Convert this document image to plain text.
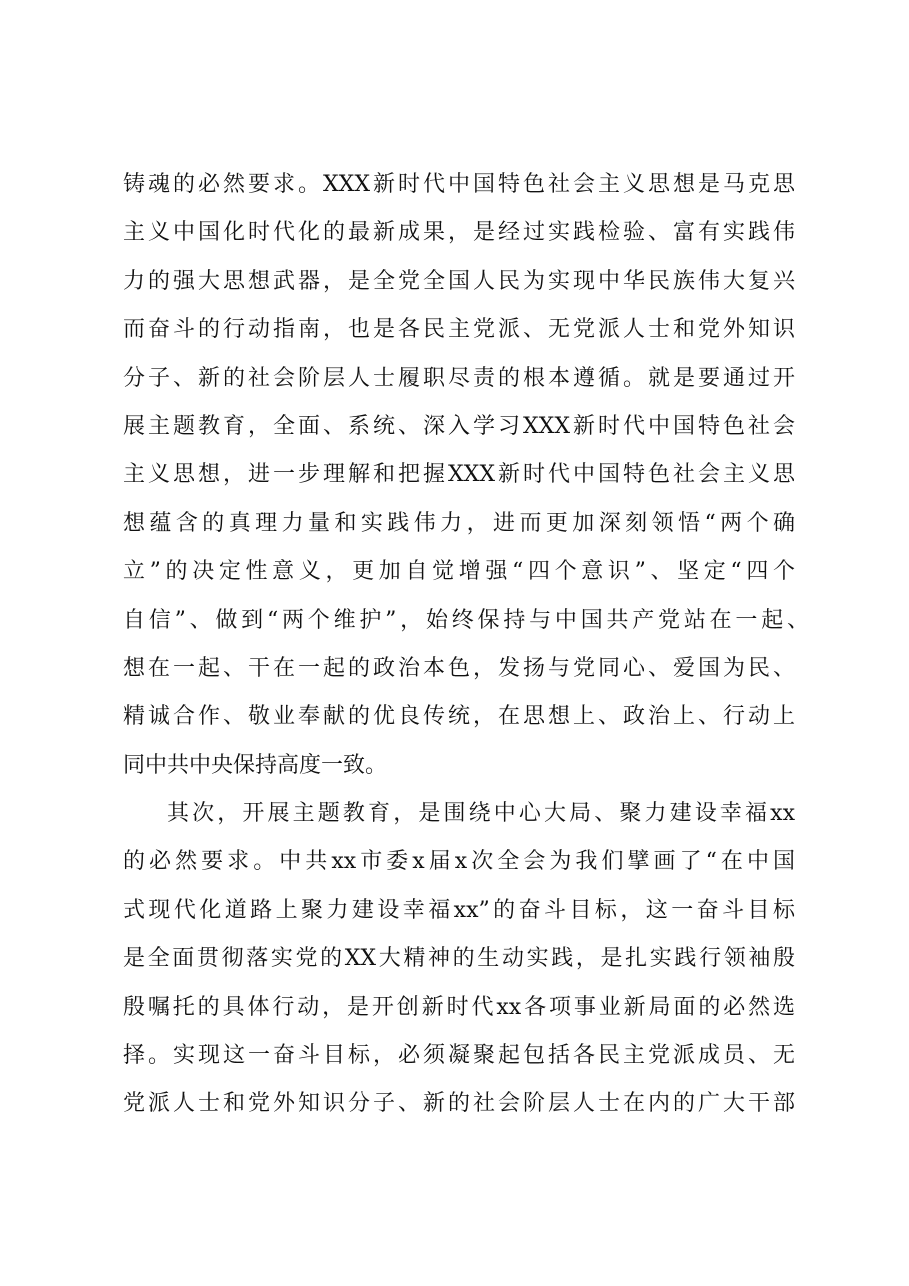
铸魂的必然要求。XXX新时代中国特色社会主义思想是马克思
主义中国化时代化的最新成果，是经过实践检验、富有实践伟
力的强大思想武器，是全党全国人民为实现中华民族伟大复兴
而奋斗的行动指南，也是各民主党派、无党派人士和党外知识
分子、新的社会阶层人士履职尽责的根本遵循。就是要通过开
展主题教育，全面、系统、深入学习XXX新时代中国特色社会
主义思想，进一步理解和把握XXX新时代中国特色社会主义思
想蕴含的真理力量和实践伟力，进而更加深刻领悟“两个确
立”的决定性意义，更加自觉增强“四个意识”、坚定“四个
自信”、做到“两个维护”，始终保持与中国共产党站在一起、
想在一起、干在一起的政治本色，发扬与党同心、爱国为民、
精诚合作、敬业奉献的优良传统，在思想上、政治上、行动上
同中共中央保持高度一致。
其次，开展主题教育，是围绕中心大局、聚力建设幸福xx
的必然要求。中共xx市委x届x次全会为我们擘画了“在中国
式现代化道路上聚力建设幸福xx”的奋斗目标，这一奋斗目标
是全面贯彻落实党的XX大精神的生动实践，是扎实践行领袖殷
殷嘱托的具体行动，是开创新时代xx各项事业新局面的必然选
择。实现这一奋斗目标，必须凝聚起包括各民主党派成员、无
党派人士和党外知识分子、新的社会阶层人士在内的广大干部
